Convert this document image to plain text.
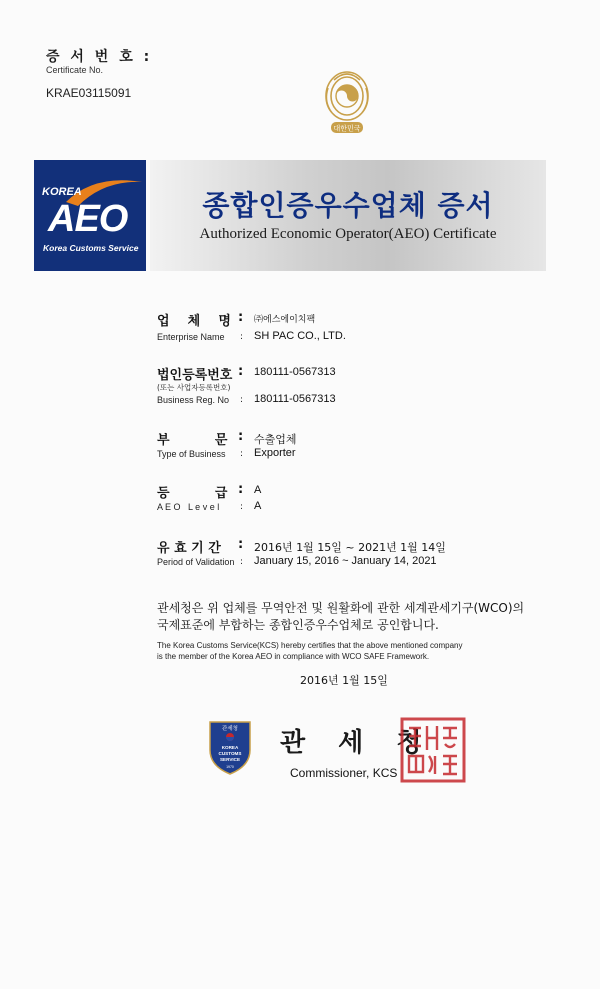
증 서 번 호 :
Certificate No.
KRAE03115091
대한민국
KOREA
AEO
Korea Customs Service
종합인증우수업체 증서
Authorized Economic Operator(AEO) Certificate
업    체    명 : ㈜에스에이치팩
Enterprise Name : SH PAC CO., LTD.
법인등록번호 : 180111-0567313
(또는 사업자등록번호)
Business Reg. No : 180111-0567313
부          문 : 수출업체
Type of Business : Exporter
등          급 : A
A E O   L e v e l : A
유 효 기 간 : 2016년 1월 15일 ~ 2021년 1월 14일
Period of Validation : January 15, 2016 ~ January 14, 2021
관세청은 위 업체를 무역안전 및 원활화에 관한 세계관세기구(WCO)의
국제표준에 부합하는 종합인증우수업체로 공인합니다.
The Korea Customs Service(KCS) hereby certifies that the above mentioned company
is the member of the Korea AEO in compliance with WCO SAFE Framework.
2016년 1월 15일
관세청
KOREA
CUSTOMS
SERVICE
1970
관 세 청
Commissioner, KCS
